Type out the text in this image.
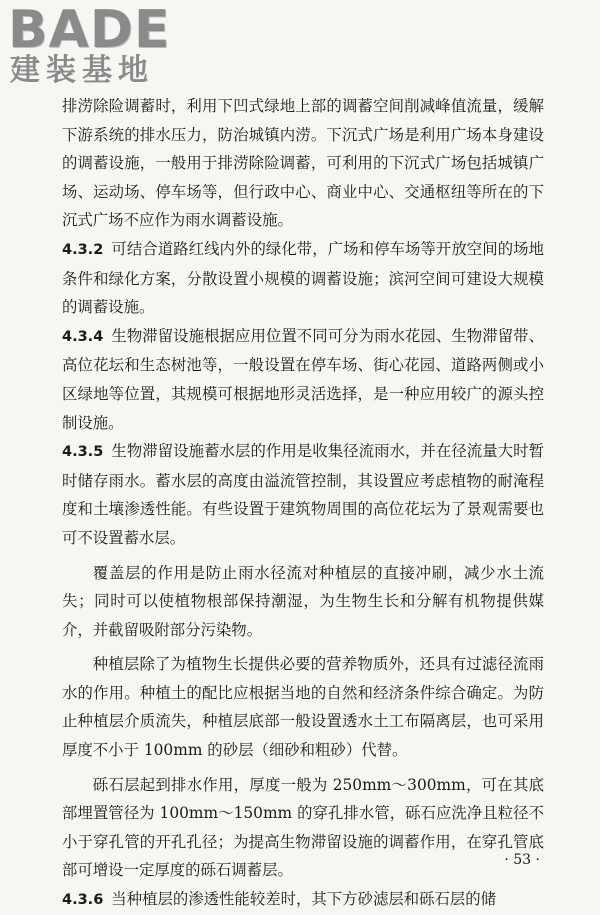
BADE
建装基地

排涝除险调蓄时，利用下凹式绿地上部的调蓄空间削减峰值流量，缓解下游系统的排水压力，防治城镇内涝。下沉式广场是利用广场本身建设的调蓄设施，一般用于排涝除险调蓄，可利用的下沉式广场包括城镇广场、运动场、停车场等，但行政中心、商业中心、交通枢纽等所在的下沉式广场不应作为雨水调蓄设施。

4.3.2 可结合道路红线内外的绿化带，广场和停车场等开放空间的场地条件和绿化方案，分散设置小规模的调蓄设施；滨河空间可建设大规模的调蓄设施。

4.3.4 生物滞留设施根据应用位置不同可分为雨水花园、生物滞留带、高位花坛和生态树池等，一般设置在停车场、街心花园、道路两侧或小区绿地等位置，其规模可根据地形灵活选择，是一种应用较广的源头控制设施。

4.3.5 生物滞留设施蓄水层的作用是收集径流雨水，并在径流量大时暂时储存雨水。蓄水层的高度由溢流管控制，其设置应考虑植物的耐淹程度和土壤渗透性能。有些设置于建筑物周围的高位花坛为了景观需要也可不设置蓄水层。

覆盖层的作用是防止雨水径流对种植层的直接冲刷，减少水土流失；同时可以使植物根部保持潮湿，为生物生长和分解有机物提供媒介，并截留吸附部分污染物。

种植层除了为植物生长提供必要的营养物质外，还具有过滤径流雨水的作用。种植土的配比应根据当地的自然和经济条件综合确定。为防止种植层介质流失，种植层底部一般设置透水土工布隔离层，也可采用厚度不小于 100mm 的砂层（细砂和粗砂）代替。

砾石层起到排水作用，厚度一般为 250mm～300mm，可在其底部埋置管径为 100mm～150mm 的穿孔排水管，砾石应洗净且粒径不小于穿孔管的开孔孔径；为提高生物滞留设施的调蓄作用，在穿孔管底部可增设一定厚度的砾石调蓄层。

4.3.6 当种植层的渗透性能较差时，其下方砂滤层和砾石层的储

· 53 ·
